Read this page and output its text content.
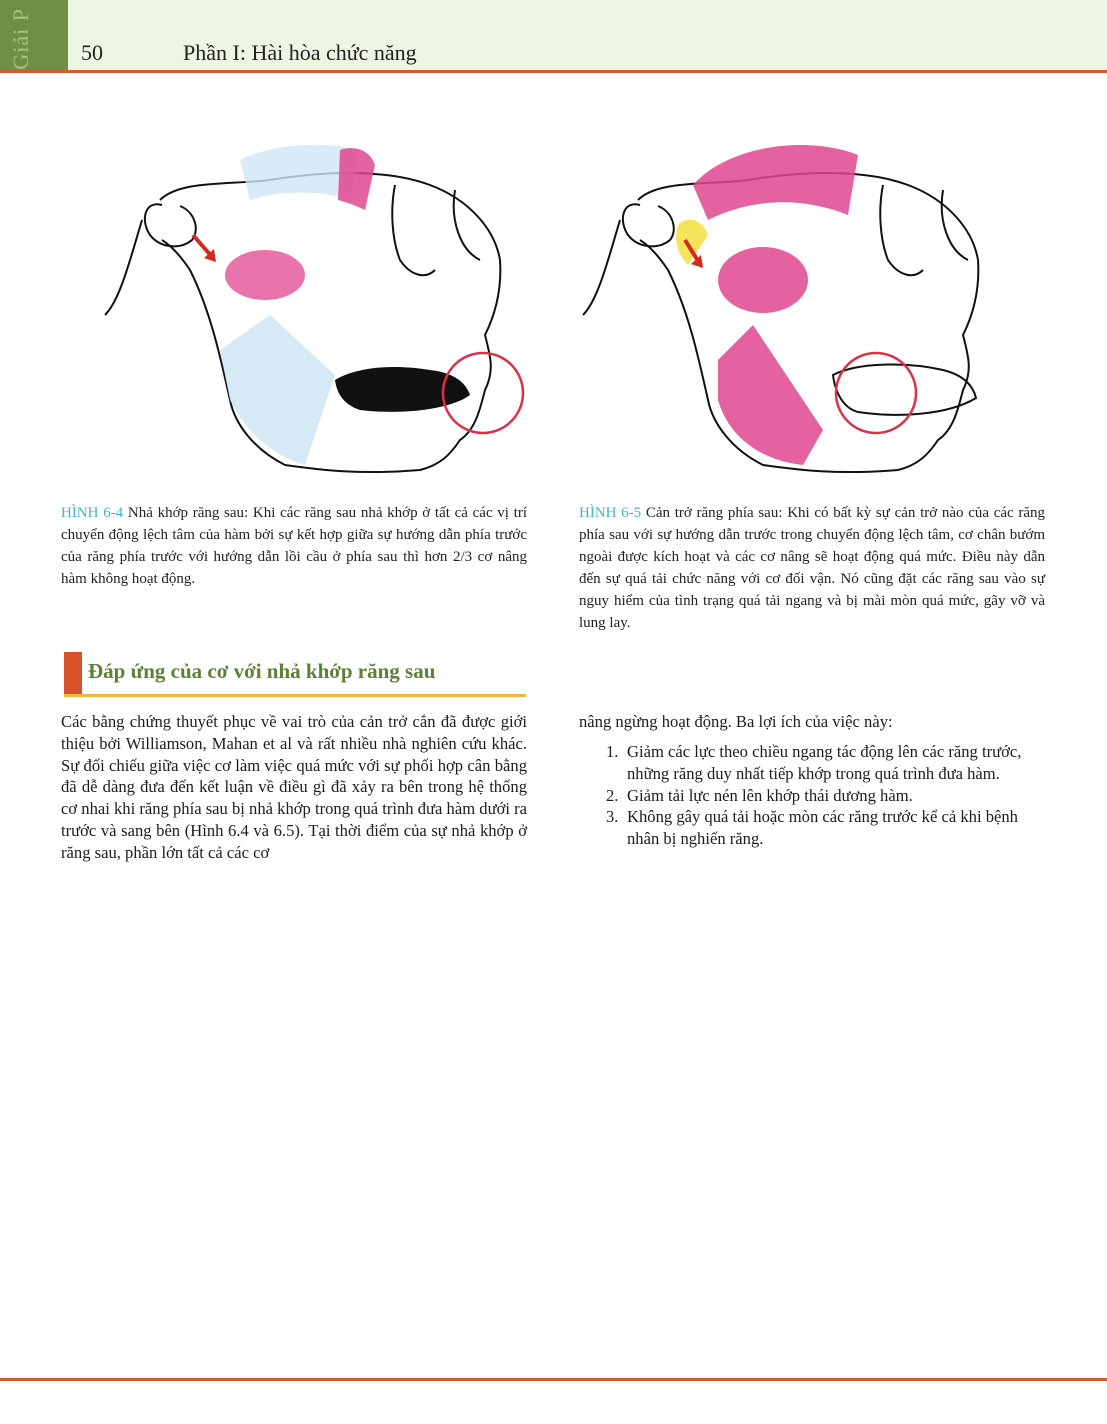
Giải P 50	Phần I: Hài hòa chức năng
HÌNH 6-4 Nhả khớp răng sau: Khi các răng sau nhả khớp ở tất cả các vị trí chuyển động lệch tâm của hàm bởi sự kết hợp giữa sự hướng dẫn phía trước của răng phía trước với hướng dẫn lồi cầu ở phía sau thì hơn 2/3 cơ nâng hàm không hoạt động.
HÌNH 6-5 Cản trở răng phía sau: Khi có bất kỳ sự cản trở nào của các răng phía sau với sự hướng dẫn trước trong chuyển động lệch tâm, cơ chân bướm ngoài được kích hoạt và các cơ nâng sẽ hoạt động quá mức. Điều này dẫn đến sự quá tải chức năng với cơ đối vận. Nó cũng đặt các răng sau vào sự nguy hiểm của tình trạng quá tải ngang và bị mài mòn quá mức, gãy vỡ và lung lay.
Đáp ứng của cơ với nhả khớp răng sau

Các bằng chứng thuyết phục về vai trò của cản trở cắn đã được giới thiệu bởi Williamson, Mahan et al và rất nhiều nhà nghiên cứu khác. Sự đối chiếu giữa việc cơ làm việc quá mức với sự phối hợp cân bằng đã dễ dàng đưa đến kết luận về điều gì đã xảy ra bên trong hệ thống cơ nhai khi răng phía sau bị nhả khớp trong quá trình đưa hàm dưới ra trước và sang bên (Hình 6.4 và 6.5). Tại thời điểm của sự nhả khớp ở răng sau, phần lớn tất cả các cơ

nâng ngừng hoạt động. Ba lợi ích của việc này:

1. Giảm các lực theo chiều ngang tác động lên các răng trước, những răng duy nhất tiếp khớp trong quá trình đưa hàm.
2. Giảm tải lực nén lên khớp thái dương hàm.
3. Không gây quá tải hoặc mòn các răng trước kể cả khi bệnh nhân bị nghiến răng.
